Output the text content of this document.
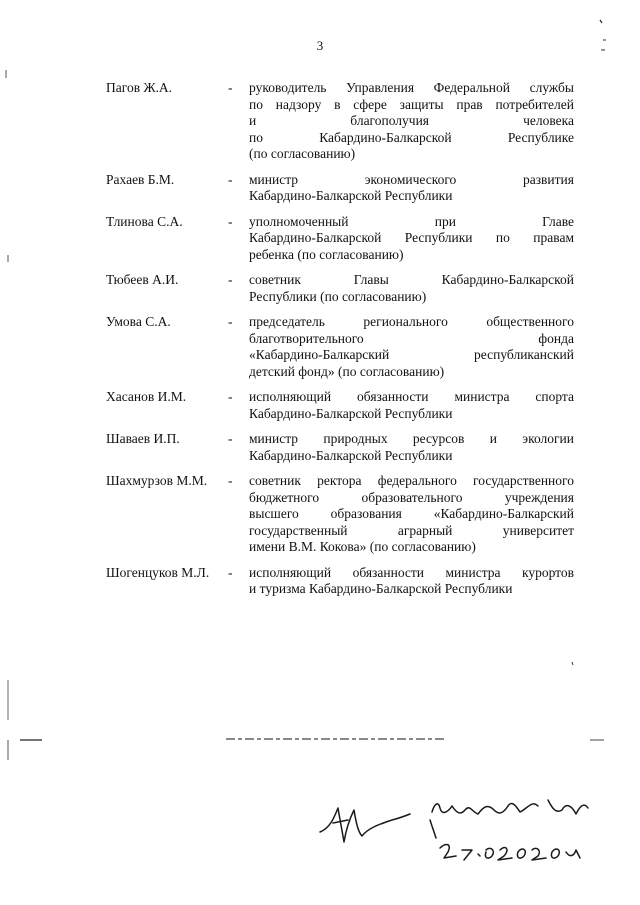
3
Пагов Ж.А.	- руководитель Управления Федеральной службы
по надзору в сфере защиты прав потребителей
и благополучия человека
по Кабардино-Балкарской Республике
(по согласованию)
Рахаев Б.М.	- министр экономического развития
Кабардино-Балкарской Республики
Тлинова С.А.	- уполномоченный при Главе
Кабардино-Балкарской Республики по правам
ребенка (по согласованию)
Тюбеев А.И.	- советник Главы Кабардино-Балкарской
Республики (по согласованию)
Умова С.А.	- председатель регионального общественного
благотворительного фонда
«Кабардино-Балкарский республиканский
детский фонд» (по согласованию)
Хасанов И.М.	- исполняющий обязанности министра спорта
Кабардино-Балкарской Республики
Шаваев И.П.	- министр природных ресурсов и экологии
Кабардино-Балкарской Республики
Шахмурзов М.М. - советник ректора федерального государственного
бюджетного образовательного учреждения
высшего образования «Кабардино-Балкарский
государственный аграрный университет
имени В.М. Кокова» (по согласованию)
Шогенцуков М.Л. - исполняющий обязанности министра курортов
и туризма Кабардино-Балкарской Республики
Кумыков А. М.
27.02.2020г.
